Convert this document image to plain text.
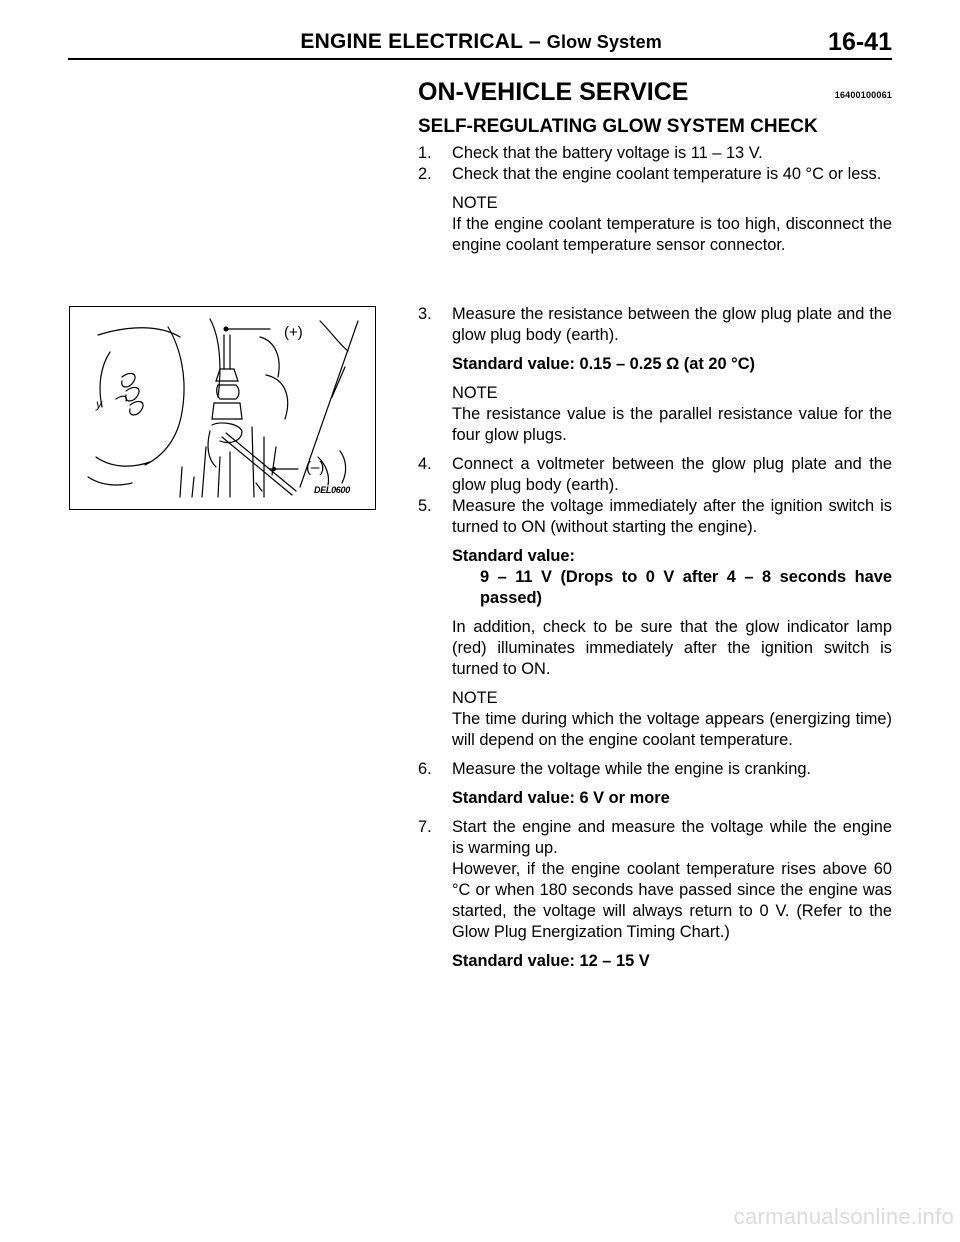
ENGINE ELECTRICAL – Glow System	16-41
ON-VEHICLE SERVICE	16400100061
SELF-REGULATING GLOW SYSTEM CHECK
1.	Check that the battery voltage is 11 – 13 V.
2.	Check that the engine coolant temperature is 40 °C or less.
NOTE
If the engine coolant temperature is too high, disconnect the engine coolant temperature sensor connector.
3.	Measure the resistance between the glow plug plate and the glow plug body (earth).
Standard value: 0.15 – 0.25 Ω (at 20 °C)
NOTE
The resistance value is the parallel resistance value for the four glow plugs.
4.	Connect a voltmeter between the glow plug plate and the glow plug body (earth).
5.	Measure the voltage immediately after the ignition switch is turned to ON (without starting the engine).
Standard value:
9 – 11 V (Drops to 0 V after 4 – 8 seconds have passed)
In addition, check to be sure that the glow indicator lamp (red) illuminates immediately after the ignition switch is turned to ON.
NOTE
The time during which the voltage appears (energizing time) will depend on the engine coolant temperature.
6.	Measure the voltage while the engine is cranking.
Standard value: 6 V or more
7.	Start the engine and measure the voltage while the engine is warming up.
However, if the engine coolant temperature rises above 60 °C or when 180 seconds have passed since the engine was started, the voltage will always return to 0 V. (Refer to the Glow Plug Energization Timing Chart.)
Standard value: 12 – 15 V
(+)
(–)
DEL0600
y
carmanualsonline.info
